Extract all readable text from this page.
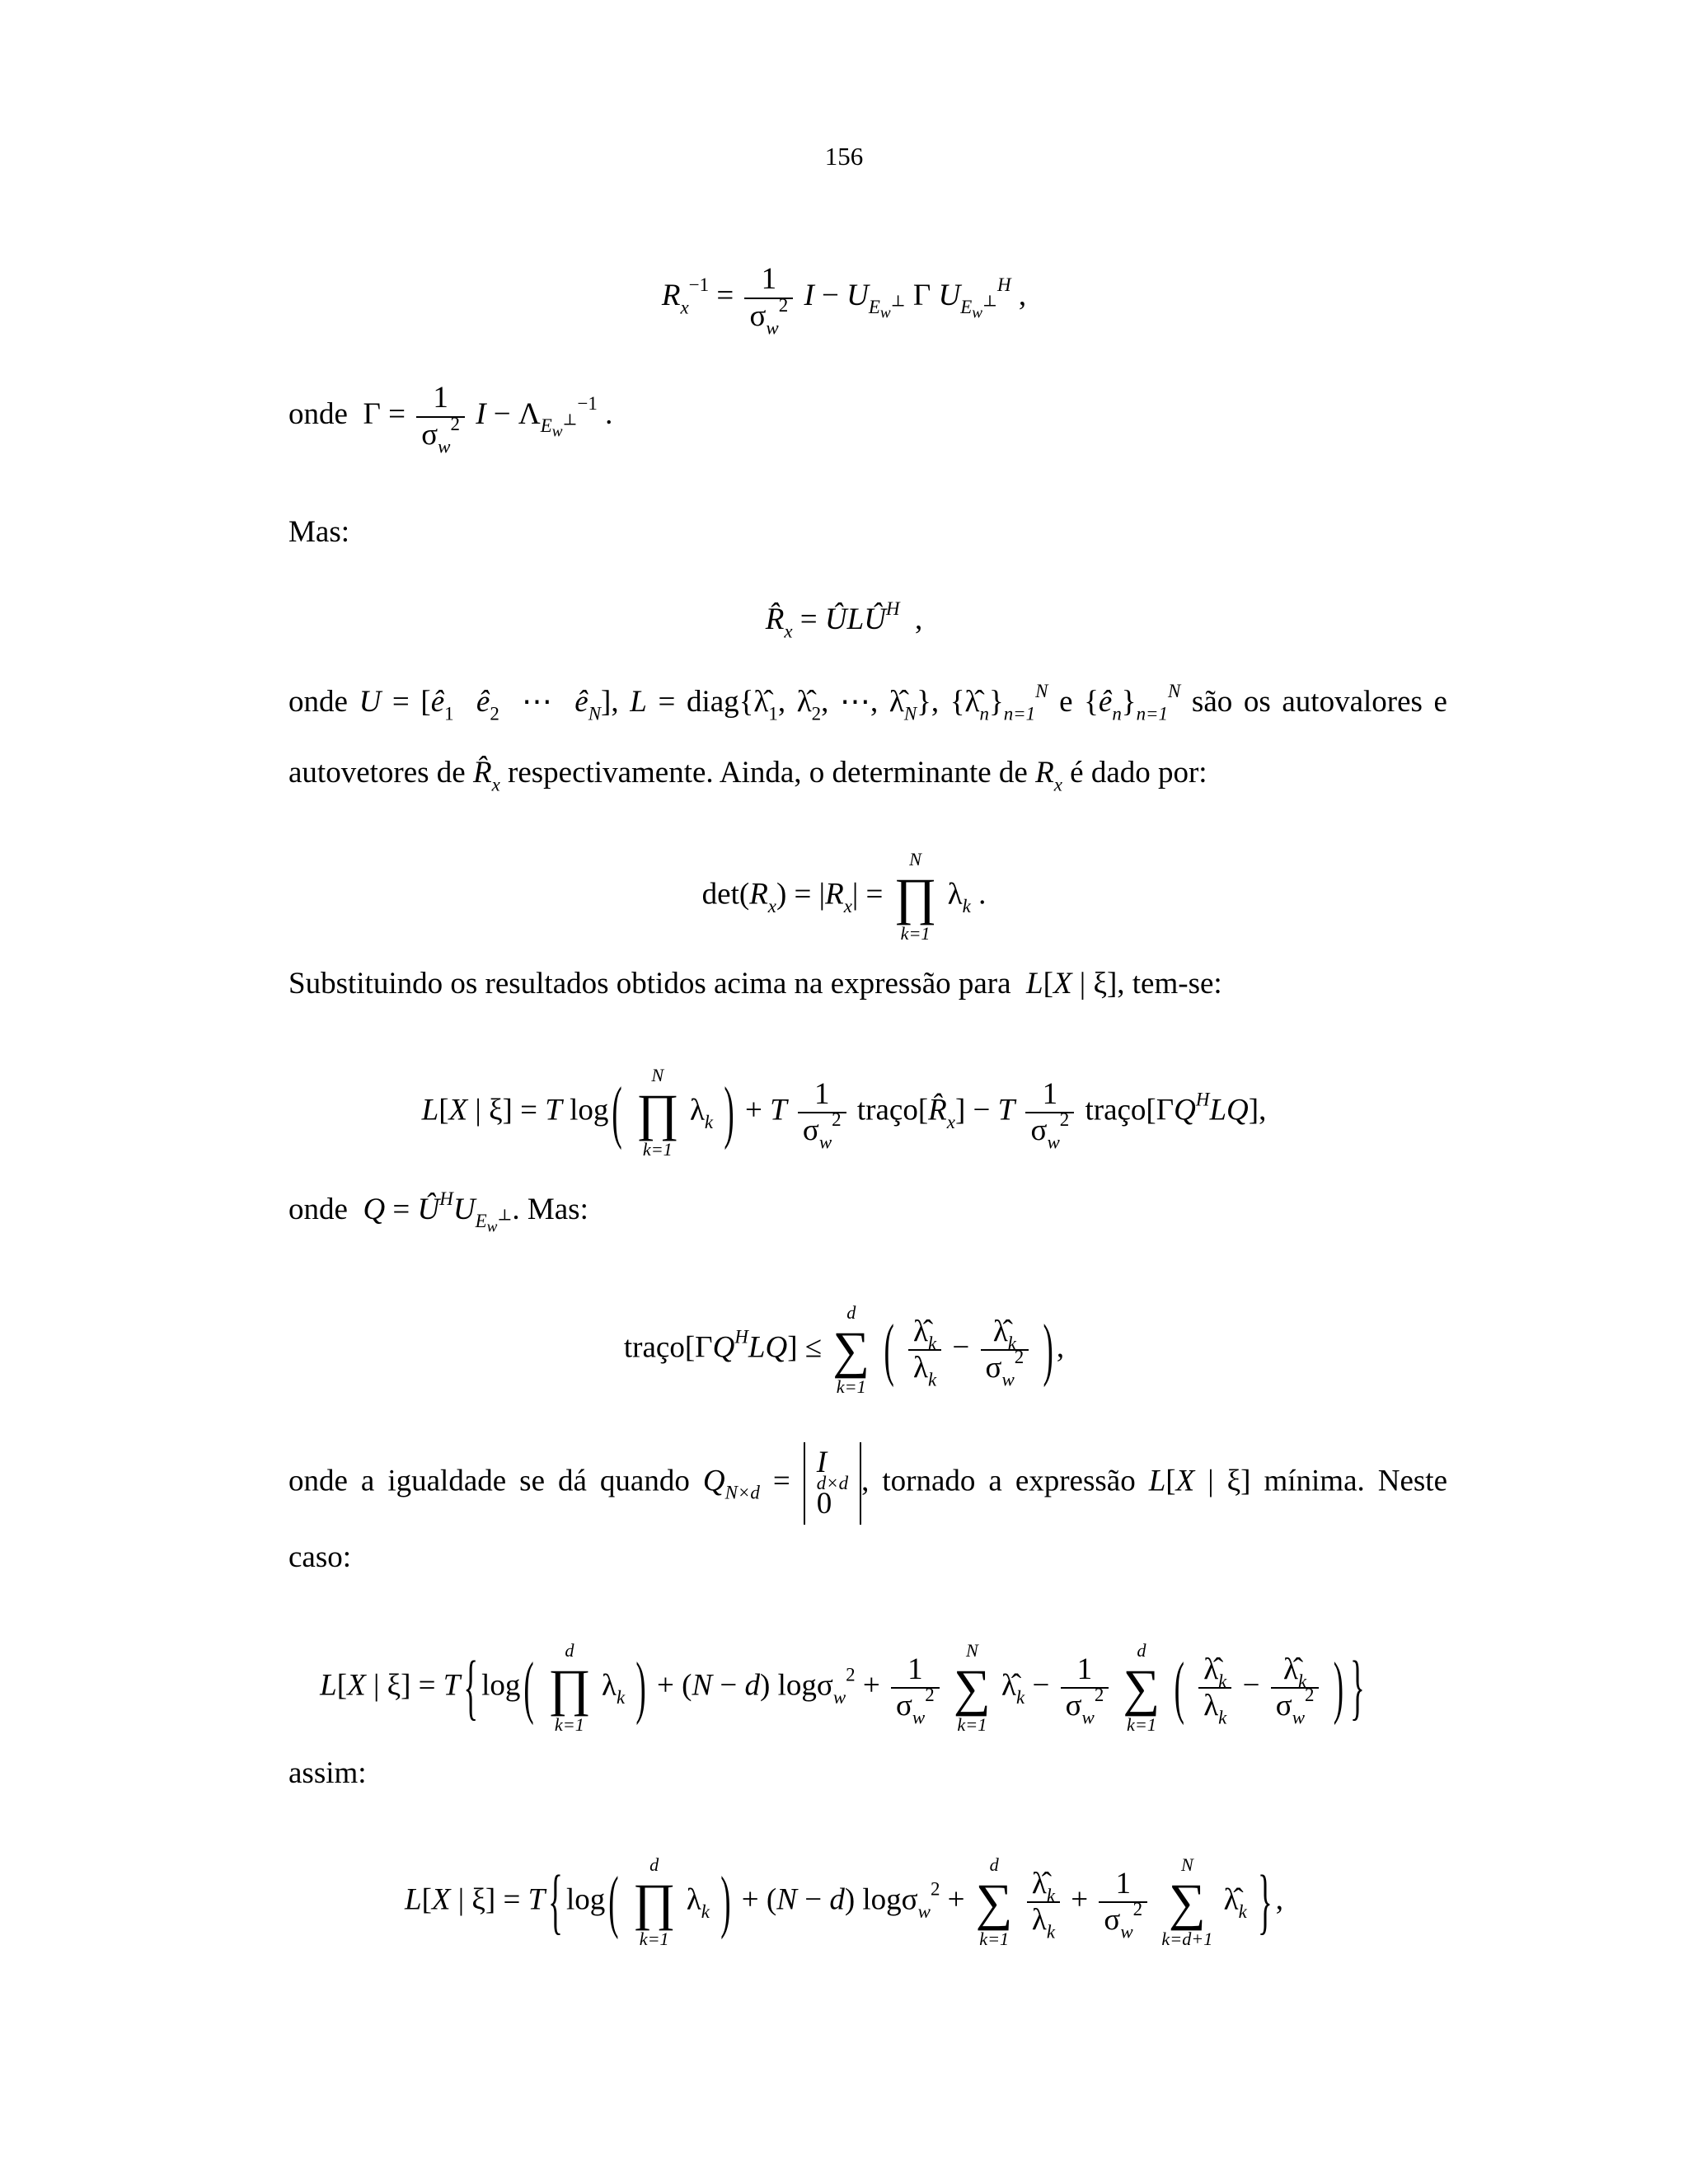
156
$R_x^{-1} = \frac{1}{\sigma_w^2}$ $I - U_{E_w^\perp}$ Γ $U_{E_w^\perp}^H$ ,
onde  $\Gamma = \frac{1}{\sigma_w^2}$ $I - \Lambda_{E_w^\perp}^{-1}$ .
Mas:
$R̂_x$ = $ÛLÛ^H$  ,
onde $U = [ê_1$ $ê_2$  ⋯  $ê_N$], $L = diag\{\lambdâ_1$, $\lambdâ_2$, ⋯, $\lambdâ_N$}, $\{\lambdâ_n\}_{n=1}^N$ e $\{ê_n\}_{n=1}^N$ são os autovalores e
autovetores de $R̂_x$ respectivamente. Ainda, o determinante de $R_x$ é dado por:
$\det(R_x) = |R_x|$ =
N
∏
k=1
$\lambda_k$ .
Substituindo os resultados obtidos acima na expressão para L[X | ξ], tem-se:
L[X | ξ] = T log (	N
∏
k=1
$\lambda_k$ ) + T $\frac{1}{\sigma_w^2}$ $traço[R̂_x] - T \frac{1}{\sigma_w^2}$ $traço[\Gamma Q^HLQ]$,
onde $Q = Û^HU_{E_w^\perp}$. Mas:
$traço[\Gamma Q^HLQ]$ ≤
d
∑
k=1 ( $\frac{\lambdâ_k}{\lambda_k} - \frac{\lambdâ_k}{\sigma_w^2}$ ) ,
onde a igualdade se dá quando $Q_{N\times d}$ =
I
d×d
0
, tornado a expressão L[X | ξ] mínima. Neste
caso:
L[X | ξ] = T { log (	d
∏
k=1
$\lambda_k$ ) + (N − d) $\log\sigma_w^2 + \frac{1}{\sigma_w^2}$

N
∑
k=1
$\lambdâ_k - \frac{1}{\sigma_w^2}$

d
∑
k=1 ( $\frac{\lambdâ_k}{\lambda_k} - \frac{\lambdâ_k}{\sigma_w^2}$ ) }
assim:
L[X | ξ] = T { log (	d
∏
k=1
$\lambda_k$ ) + (N − d) logσ$_w^2$ +
d
∑
k=1

$\frac{\lambdâ_k}{\lambda_k} + \frac{1}{\sigma_w^2}$

N
∑
k=d+1
$\lambdâ_k$ } ,
